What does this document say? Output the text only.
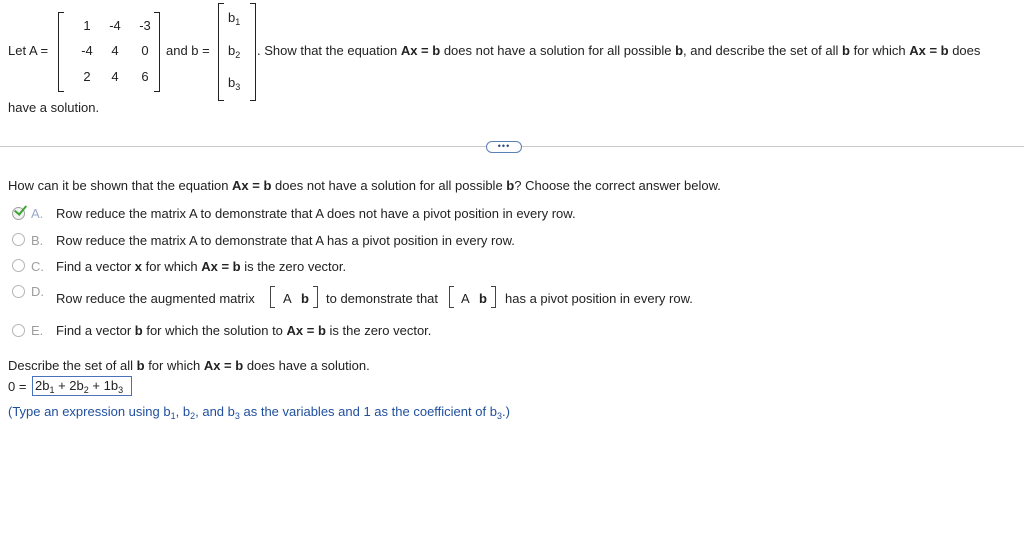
Let A =
1	-4	-3
-4	4	0
2	4	6
and b =
$b_1$
$b_2$
$b_3$
. Show that the equation Ax = b does not have a solution for all possible b, and describe the set of all b for which Ax = b does
have a solution.
•••
How can it be shown that the equation Ax = b does not have a solution for all possible b? Choose the correct answer below.
A. Row reduce the matrix A to demonstrate that A does not have a pivot position in every row.
B. Row reduce the matrix A to demonstrate that A has a pivot position in every row.
C. Find a vector x for which Ax = b is the zero vector.
D. Row reduce the augmented matrix A b to demonstrate that A b has a pivot position in every row.
E. Find a vector b for which the solution to Ax = b is the zero vector.
Describe the set of all b for which Ax = b does have a solution.
$0 = 2b_1 + 2b_2 + 1b_3$
(Type an expression using $b_1$, $b_2$, and $b_3$ as the variables and 1 as the coefficient of $b_3$.)
